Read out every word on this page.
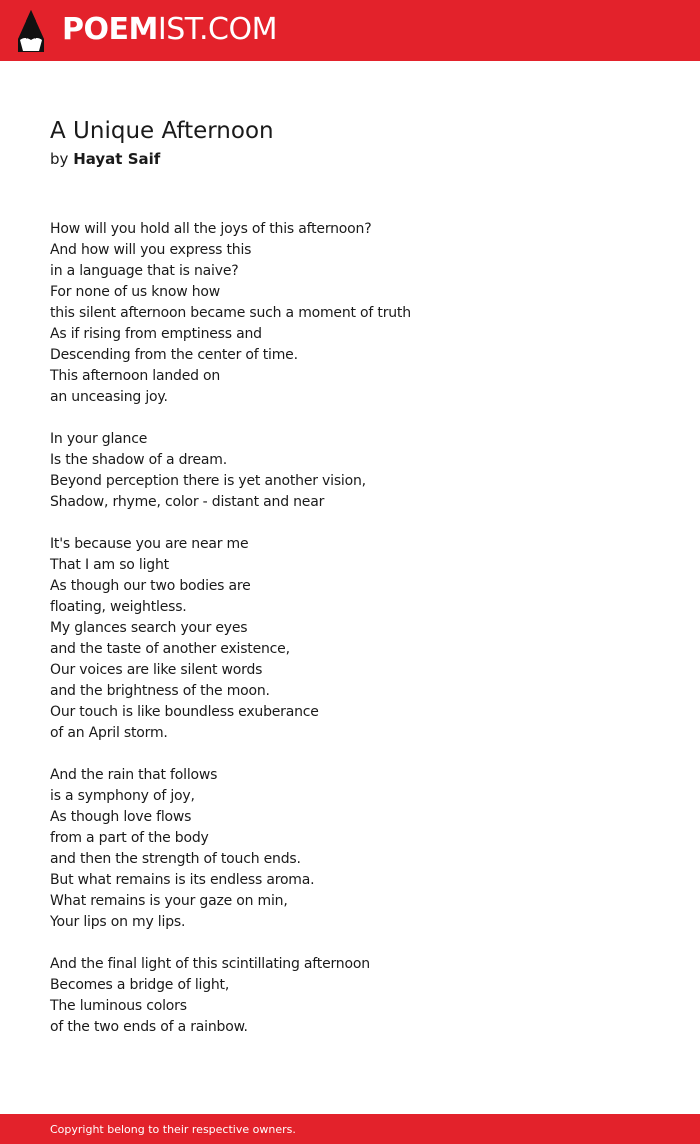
POEMIST.COM
A Unique Afternoon
by Hayat Saif
How will you hold all the joys of this afternoon?
And how will you express this
in a language that is naive?
For none of us know how
this silent afternoon became such a moment of truth
As if rising from emptiness and
Descending from the center of time.
This afternoon landed on
an unceasing joy.
In your glance
Is the shadow of a dream.
Beyond perception there is yet another vision,
Shadow, rhyme, color - distant and near
It's because you are near me
That I am so light
As though our two bodies are
floating, weightless.
My glances search your eyes
and the taste of another existence,
Our voices are like silent words
and the brightness of the moon.
Our touch is like boundless exuberance
of an April storm.
And the rain that follows
is a symphony of joy,
As though love flows
from a part of the body
and then the strength of touch ends.
But what remains is its endless aroma.
What remains is your gaze on min,
Your lips on my lips.
And the final light of this scintillating afternoon
Becomes a bridge of light,
The luminous colors
of the two ends of a rainbow.
Copyright belong to their respective owners.
